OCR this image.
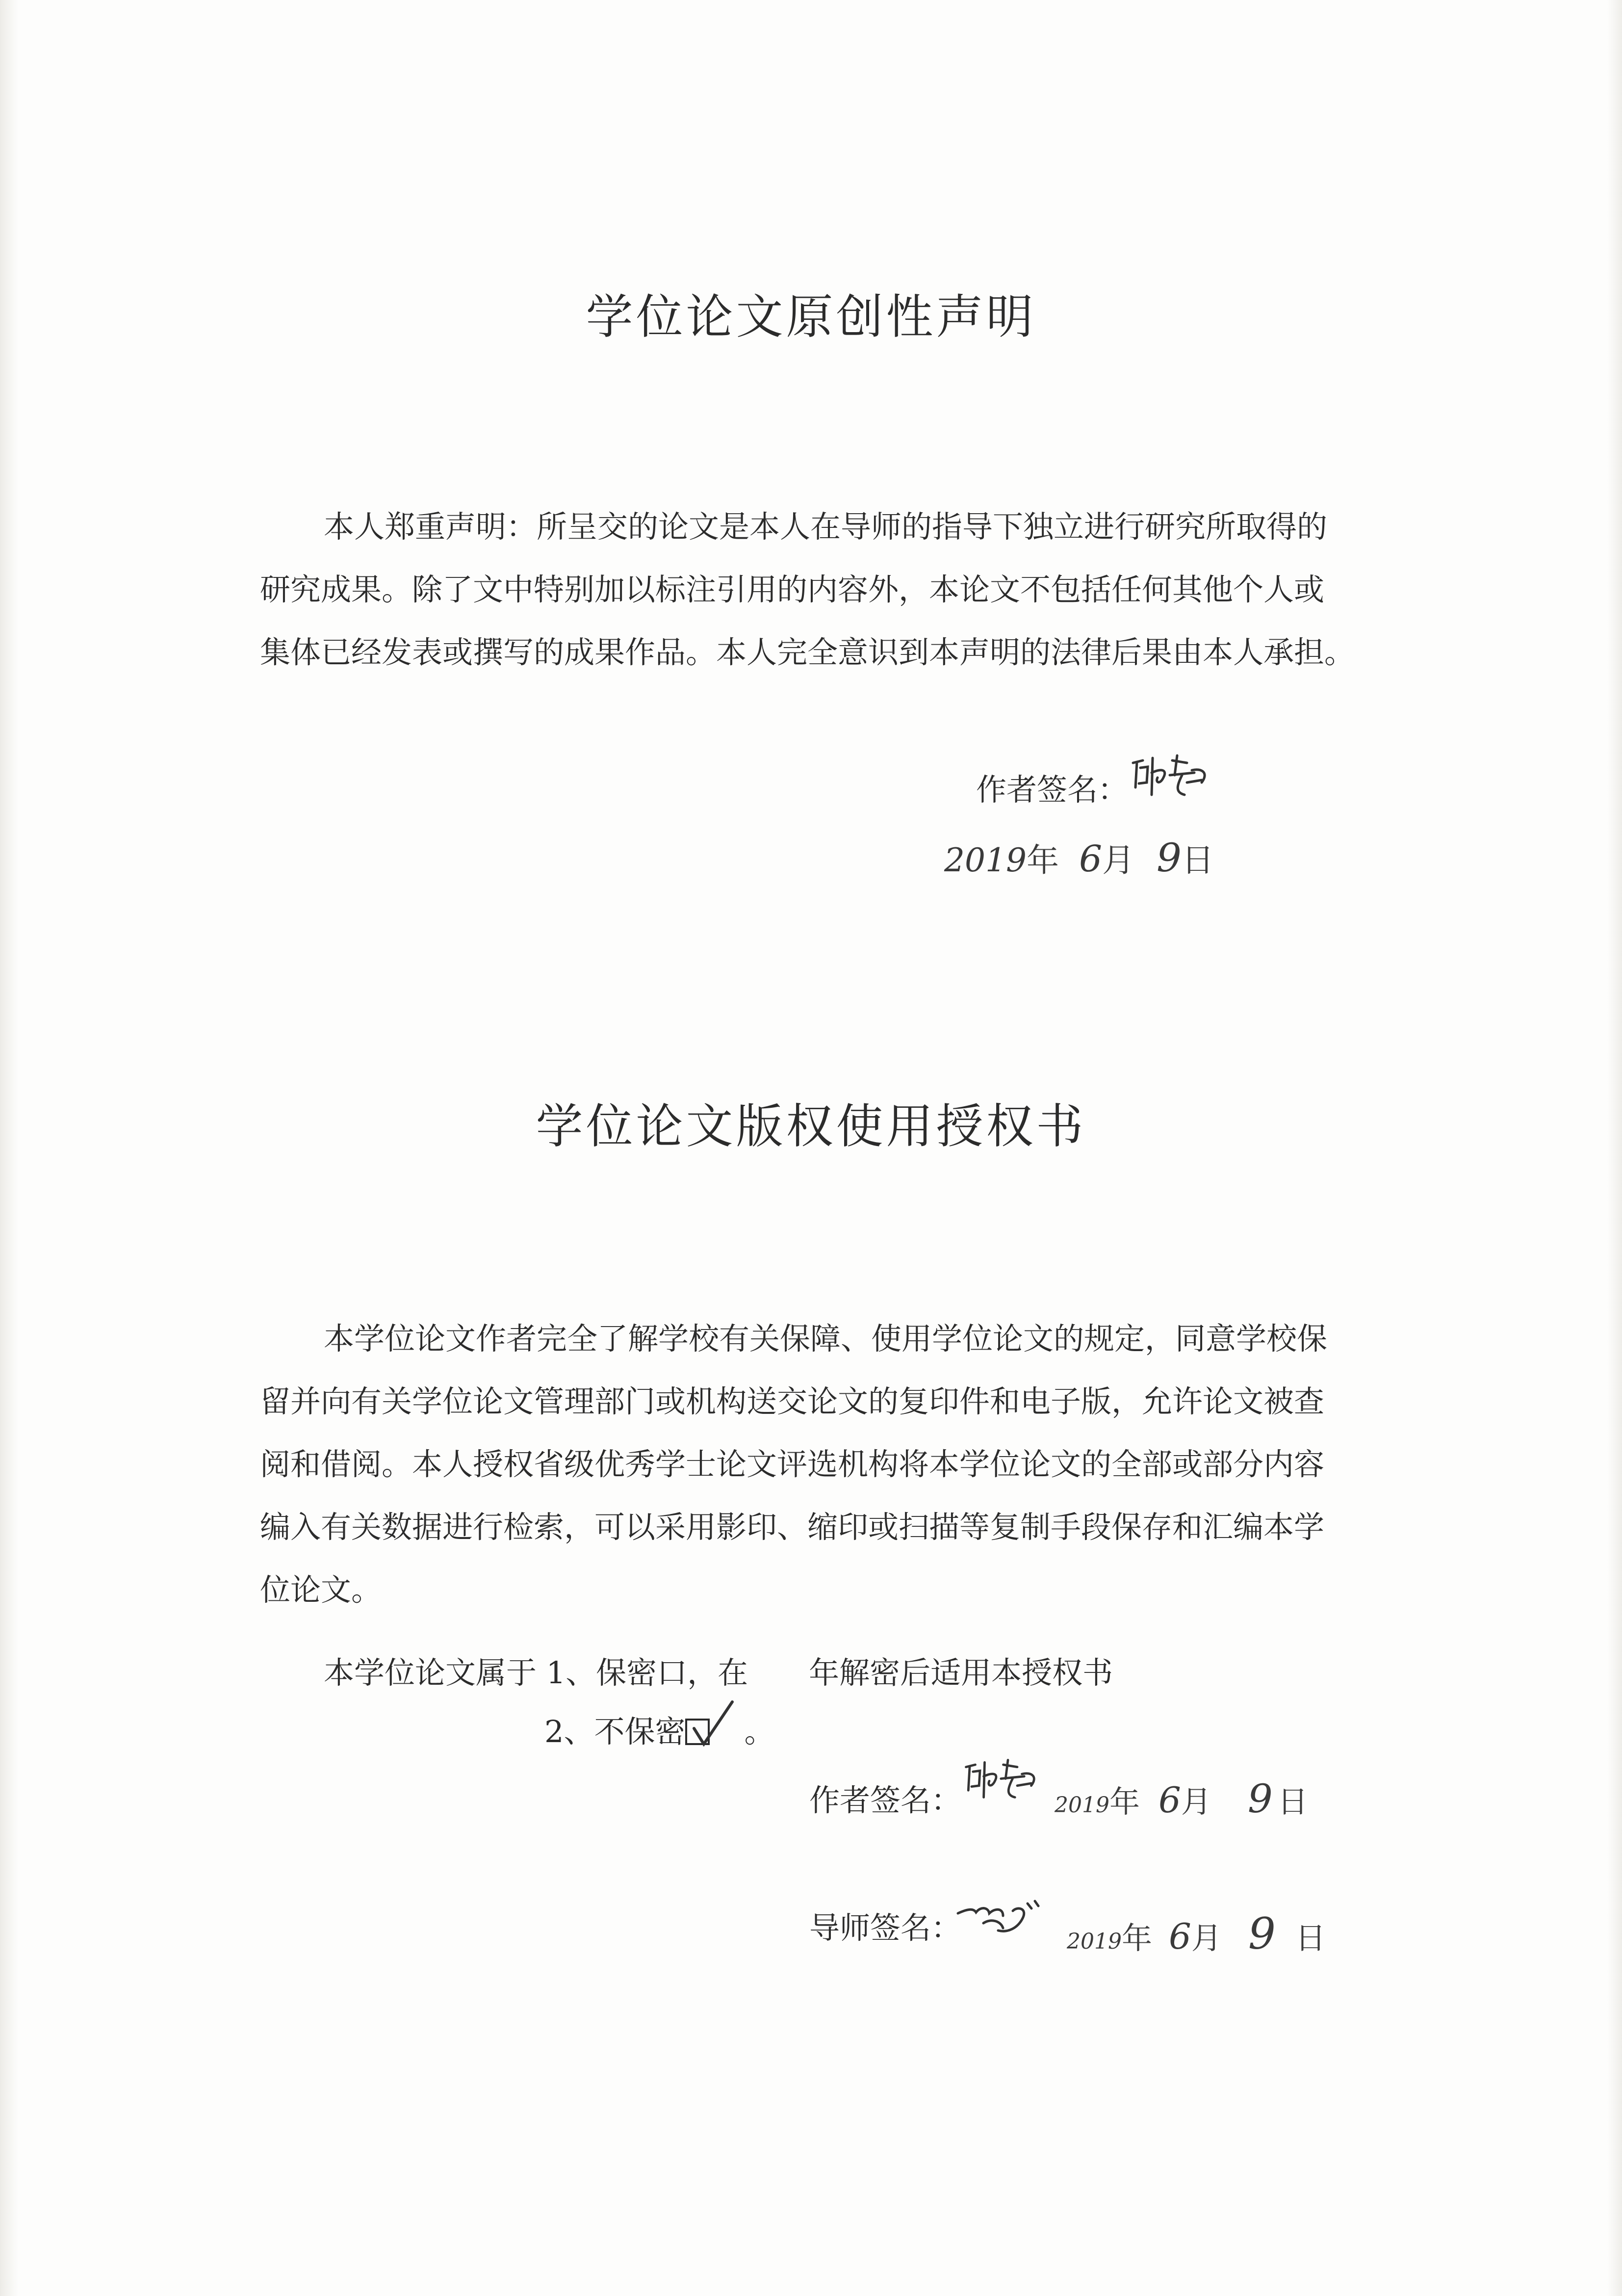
学位论文原创性声明
本人郑重声明：所呈交的论文是本人在导师的指导下独立进行研究所取得的
研究成果。除了文中特别加以标注引用的内容外，本论文不包括任何其他个人或
集体已经发表或撰写的成果作品。本人完全意识到本声明的法律后果由本人承担。
作者签名：
2019年 6月 9日
学位论文版权使用授权书
本学位论文作者完全了解学校有关保障、使用学位论文的规定，同意学校保
留并向有关学位论文管理部门或机构送交论文的复印件和电子版，允许论文被查
阅和借阅。本人授权省级优秀学士论文评选机构将本学位论文的全部或部分内容
编入有关数据进行检索，可以采用影印、缩印或扫描等复制手段保存和汇编本学
位论文。
本学位论文属于 1、保密口，在　　年解密后适用本授权书
2、不保密 。
作者签名：	2019年 6月 9 日
导师签名：	2019年 6月 9 日
